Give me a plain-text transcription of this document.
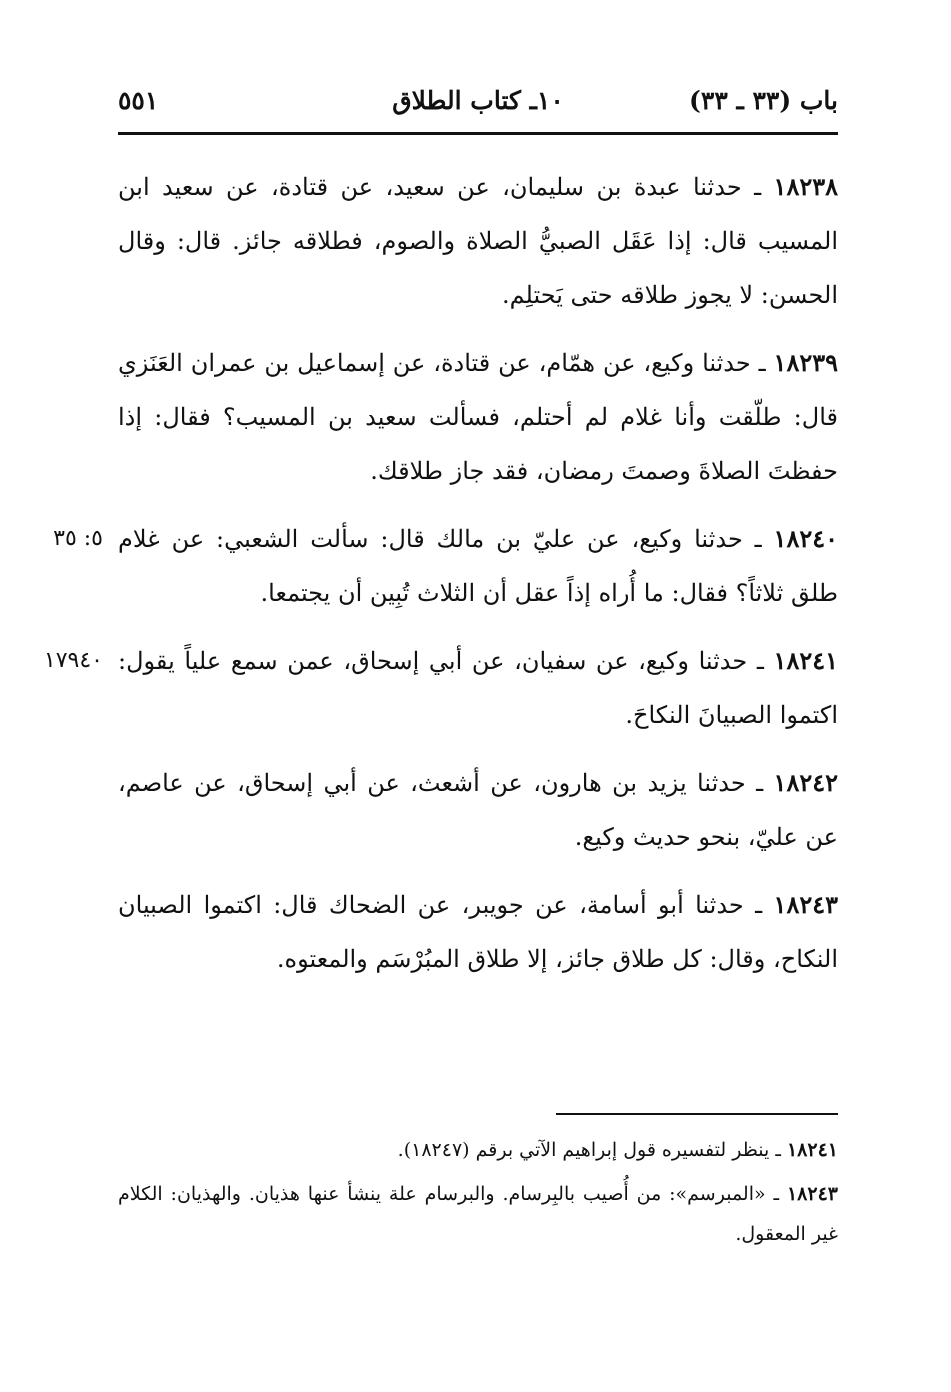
باب (٣٣ ـ ٣٣)
١٠ـ كتاب الطلاق
٥٥١
١٨٢٣٨ ـ حدثنا عبدة بن سليمان، عن سعيد، عن قتادة، عن سعيد ابن المسيب قال: إذا عَقَل الصبيُّ الصلاة والصوم، فطلاقه جائز. قال: وقال الحسن: لا يجوز طلاقه حتى يَحتلِم.
١٨٢٣٩ ـ حدثنا وكيع، عن همّام، عن قتادة، عن إسماعيل بن عمران العَنَزي قال: طلّقت وأنا غلام لم أحتلم، فسألت سعيد بن المسيب؟ فقال: إذا حفظتَ الصلاةَ وصمتَ رمضان، فقد جاز طلاقك.
٥: ٣٥	١٨٢٤٠ ـ حدثنا وكيع، عن عليّ بن مالك قال: سألت الشعبي: عن غلام طلق ثلاثاً؟ فقال: ما أُراه إذاً عقل أن الثلاث تُبِين أن يجتمعا.
١٧٩٤٠	١٨٢٤١ ـ حدثنا وكيع، عن سفيان، عن أبي إسحاق، عمن سمع علياً يقول: اكتموا الصبيانَ النكاحَ.
١٨٢٤٢ ـ حدثنا يزيد بن هارون، عن أشعث، عن أبي إسحاق، عن عاصم، عن عليّ، بنحو حديث وكيع.
١٨٢٤٣ ـ حدثنا أبو أسامة، عن جويبر، عن الضحاك قال: اكتموا الصبيان النكاح، وقال: كل طلاق جائز، إلا طلاق المبُرْسَم والمعتوه.
١٨٢٤١ ـ ينظر لتفسيره قول إبراهيم الآتي برقم (١٨٢٤٧).
١٨٢٤٣ ـ «المبرسم»: من أُصيب بالبِرسام. والبرسام علة ينشأ عنها هذيان. والهذيان: الكلام غير المعقول.
